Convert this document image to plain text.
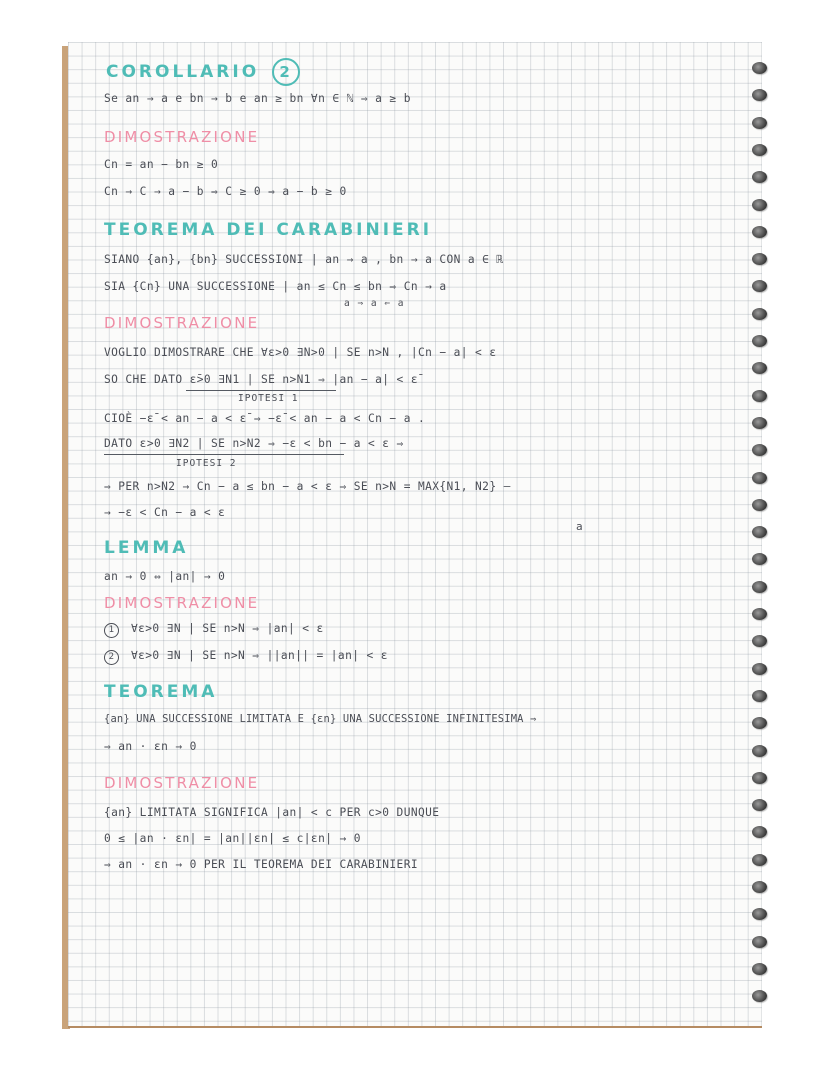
COROLLARIO 2
Se an → a e bn → b e an ≥ bn ∀n ∈ ℕ ⇒ a ≥ b
DIMOSTRAZIONE
Cn = an − bn ≥ 0
Cn → C → a − b ⇒ C ≥ 0 ⇒ a − b ≥ 0
TEOREMA DEI CARABINIERI
SIANO {an}, {bn} SUCCESSIONI | an → a , bn → a CON a ∈ ℝ
SIA {Cn} UNA SUCCESSIONE | an ≤ Cn ≤ bn ⇒ Cn → a
a ⇒ a ⇐ a
DIMOSTRAZIONE
VOGLIO DIMOSTRARE CHE ∀ε>0 ∃N>0 | SE n>N , |Cn − a| < ε
SO CHE DATO ε̄>0 ∃N1 | SE n>N1 ⇒ |an − a| < ε̄
IPOTESI 1
CIOÈ −ε̄ < an − a < ε̄ ⇒ −ε̄ < an − a < Cn − a .
DATO ε>0 ∃N2 | SE n>N2 ⇒ −ε < bn − a < ε ⇒
IPOTESI 2
⇒ PER n>N2 → Cn − a ≤ bn − a < ε ⇒ SE n>N = MAX{N1, N2} —
→ −ε < Cn − a < ε
a
LEMMA
an → 0 ⇔ |an| → 0
DIMOSTRAZIONE
1 ∀ε>0 ∃N | SE n>N ⇒ |an| < ε
2 ∀ε>0 ∃N | SE n>N ⇒ ||an|| = |an| < ε
TEOREMA
{an} UNA SUCCESSIONE LIMITATA E {εn} UNA SUCCESSIONE INFINITESIMA ⇒
⇒ an · εn → 0
DIMOSTRAZIONE
{an} LIMITATA SIGNIFICA |an| < c PER c>0 DUNQUE
0 ≤ |an · εn| = |an||εn| ≤ c|εn| → 0
⇒ an · εn → 0 PER IL TEOREMA DEI CARABINIERI
